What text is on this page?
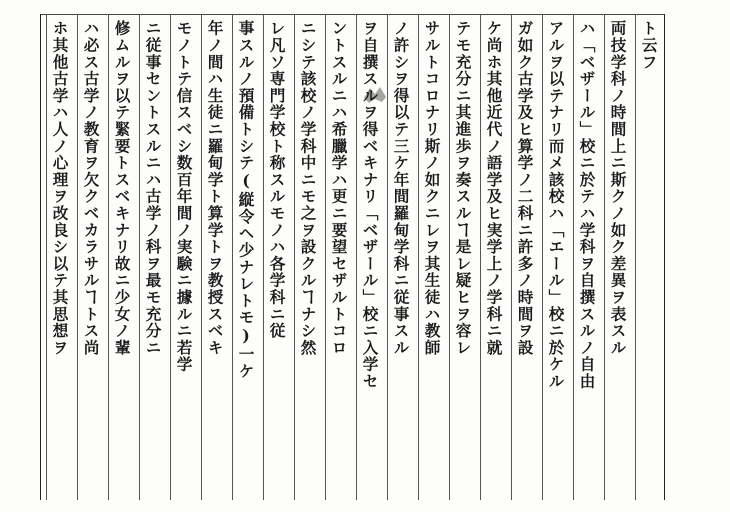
ト云フ
両技学科ノ時間上ニ斯クノ如ク差異ヲ表スル
ハ「ベザール」校ニ於テハ学科ヲ自撰スルノ自由
アルヲ以テナリ而メ該校ハ「エール」校ニ於ケル
ガ如ク古学及ヒ算学ノ二科ニ許多ノ時間ヲ設
ケ尚ホ其他近代ノ語学及ヒ実学上ノ学科ニ就
テモ充分ニ其進歩ヲ奏スルヿ是レ疑ヒヲ容レ
サルトコロナリ斯ノ如クニレヲ其生徒ハ教師
ノ許シヲ得以テ三ケ年間羅甸学科ニ従事スル
ヲ自撰スルヲ得ベキナリ「ベザール」校ニ入学セ
ントスルニハ希臘学ハ更ニ要望セザルトコロ
ニシテ該校ノ学科中ニモ之ヲ設クルヿナシ然
レ凡ソ専門学校ト称スルモノハ各学科ニ従
事スルノ預備トシテ(縦令ヘ少ナレトモ)一ケ
年ノ間ハ生徒ニ羅甸学ト算学トヲ教授スベキ
モノトテ信スベシ数百年間ノ実験ニ據ルニ若学
ニ従事セントスルニハ古学ノ科ヲ最モ充分ニ
修ムルヲ以テ緊要トスベキナリ故ニ少女ノ輩
ハ必ス古学ノ教育ヲ欠クベカラサルヿトス尚
ホ其他古学ハ人ノ心理ヲ改良シ以テ其思想ヲ
